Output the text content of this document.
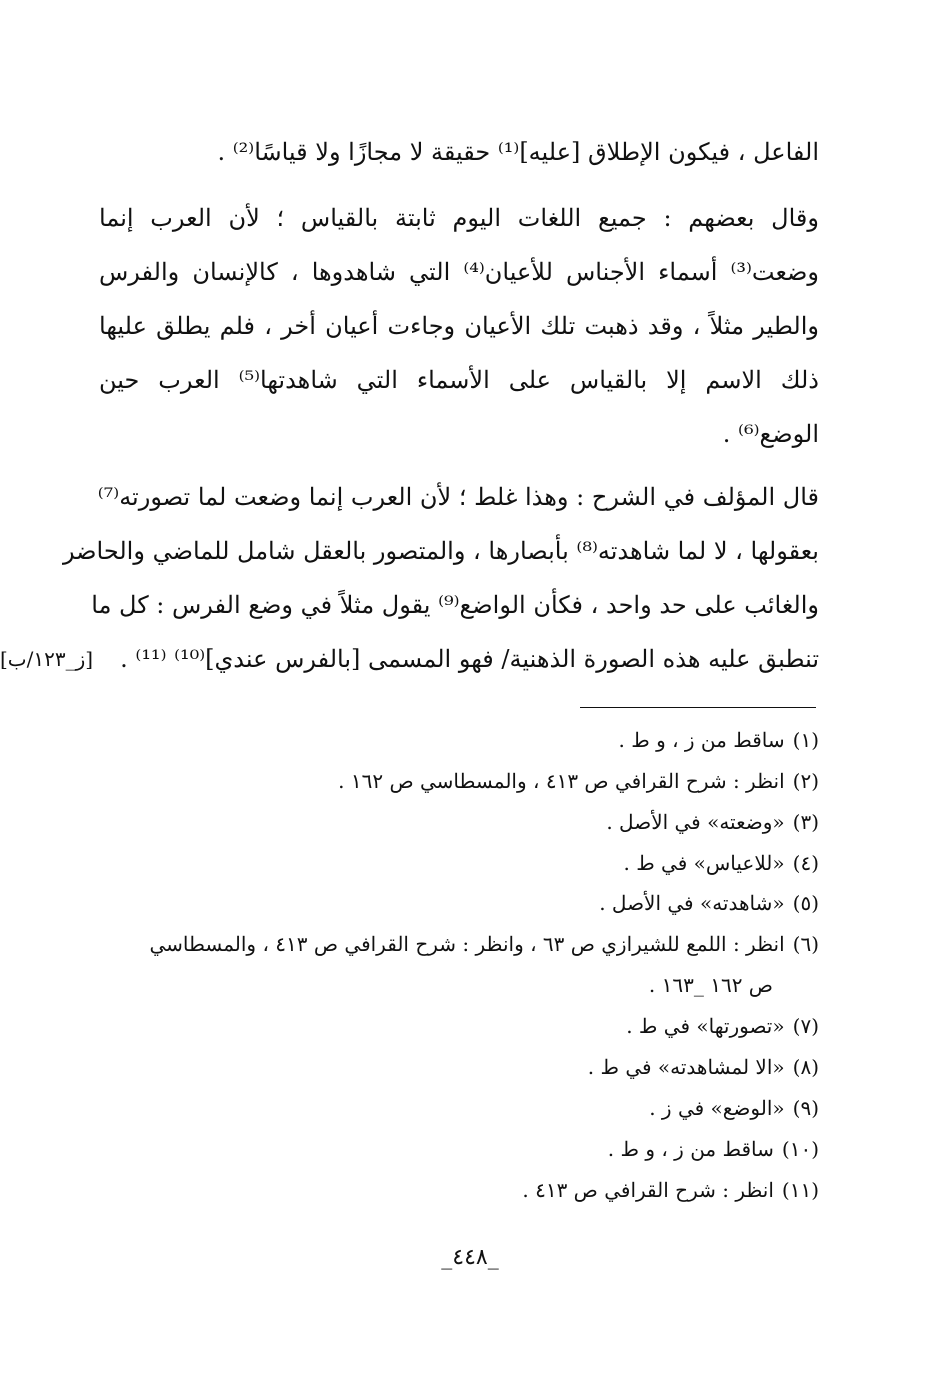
الفاعل ، فيكون الإطلاق [عليه]⁽¹⁾ حقيقة لا مجازًا ولا قياسًا⁽²⁾ .
وقال بعضهم : جميع اللغات اليوم ثابتة بالقياس ؛ لأن العرب إنما
وضعت⁽³⁾ أسماء الأجناس للأعيان⁽⁴⁾ التي شاهدوها ، كالإنسان والفرس
والطير مثلاً ، وقد ذهبت تلك الأعيان وجاءت أعيان أخر ، فلم يطلق عليها
ذلك الاسم إلا بالقياس على الأسماء التي شاهدتها⁽⁵⁾ العرب حين
الوضع⁽⁶⁾ .
قال المؤلف في الشرح : وهذا غلط ؛ لأن العرب إنما وضعت لما تصورته⁽⁷⁾
بعقولها ، لا لما شاهدته⁽⁸⁾ بأبصارها ، والمتصور بالعقل شامل للماضي والحاضر
والغائب على حد واحد ، فكأن الواضع⁽⁹⁾ يقول مثلاً في وضع الفرس : كل ما
تنطبق عليه هذه الصورة الذهنية/ فهو المسمى [بالفرس عندي]⁽¹⁰⁾ ⁽¹¹⁾ .
[ز_١٢٣/ب]
(١)ساقط من ز ، و ط .
(٢)انظر : شرح القرافي ص ٤١٣ ، والمسطاسي ص ١٦٢ .
(٣)«وضعته» في الأصل .
(٤)«للاعياس» في ط .
(٥)«شاهدته» في الأصل .
(٦)انظر : اللمع للشيرازي ص ٦٣ ، وانظر : شرح القرافي ص ٤١٣ ، والمسطاسي
ص ١٦٢ _١٦٣ .
(٧)«تصورتها» في ط .
(٨)«الا لمشاهدته» في ط .
(٩)«الوضع» في ز .
(١٠)ساقط من ز ، و ط .
(١١)انظر : شرح القرافي ص ٤١٣ .
_٤٤٨_
